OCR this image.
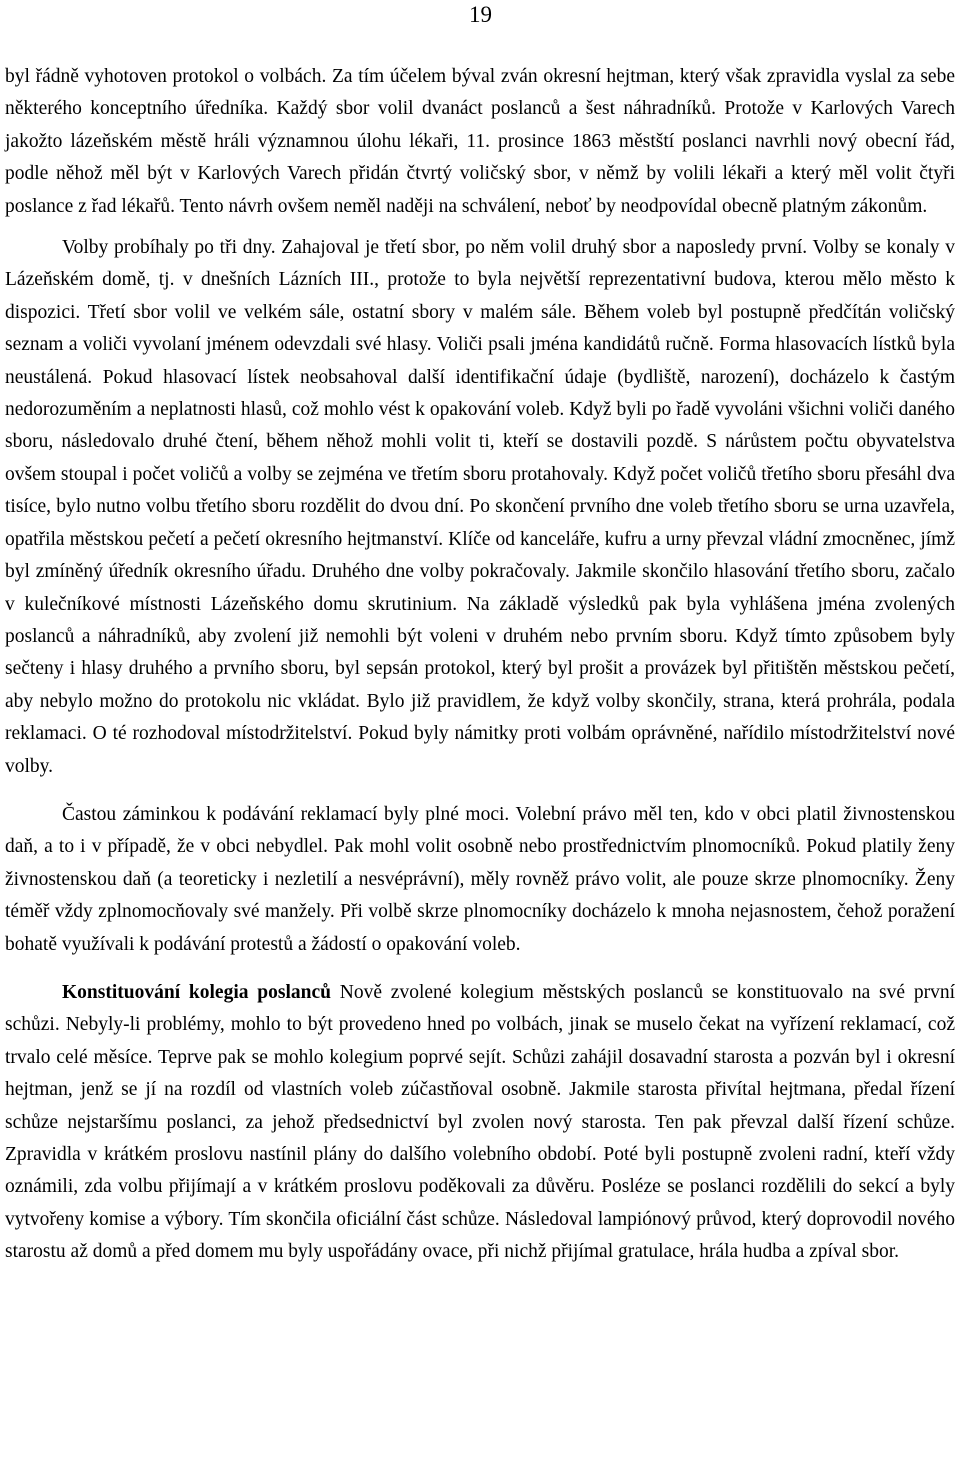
19

byl řádně vyhotoven protokol o volbách. Za tím účelem býval zván okresní hejtman, který však zpravidla vyslal za sebe některého konceptního úředníka. Každý sbor volil dvanáct poslanců a šest náhradníků. Protože v Karlových Varech jakožto lázeňském městě hráli významnou úlohu lékaři, 11. prosince 1863 městští poslanci navrhli nový obecní řád, podle něhož měl být v Karlových Varech přidán čtvrtý voličský sbor, v němž by volili lékaři a který měl volit čtyři poslance z řad lékařů. Tento návrh ovšem neměl naději na schválení, neboť by neodpovídal obecně platným zákonům.

Volby probíhaly po tři dny. Zahajoval je třetí sbor, po něm volil druhý sbor a naposledy první. Volby se konaly v Lázeňském domě, tj. v dnešních Lázních III., protože to byla největší reprezentativní budova, kterou mělo město k dispozici. Třetí sbor volil ve velkém sále, ostatní sbory v malém sále. Během voleb byl postupně předčítán voličský seznam a voliči vyvolaní jménem odevzdali své hlasy. Voliči psali jména kandidátů ručně. Forma hlasovacích lístků byla neustálená. Pokud hlasovací lístek neobsahoval další identifikační údaje (bydliště, narození), docházelo k častým nedorozuměním a neplatnosti hlasů, což mohlo vést k opakování voleb. Když byli po řadě vyvoláni všichni voliči daného sboru, následovalo druhé čtení, během něhož mohli volit ti, kteří se dostavili pozdě. S nárůstem počtu obyvatelstva ovšem stoupal i počet voličů a volby se zejména ve třetím sboru protahovaly. Když počet voličů třetího sboru přesáhl dva tisíce, bylo nutno volbu třetího sboru rozdělit do dvou dní. Po skončení prvního dne voleb třetího sboru se urna uzavřela, opatřila městskou pečetí a pečetí okresního hejtmanství. Klíče od kanceláře, kufru a urny převzal vládní zmocněnec, jímž byl zmíněný úředník okresního úřadu. Druhého dne volby pokračovaly. Jakmile skončilo hlasování třetího sboru, začalo v kulečníkové místnosti Lázeňského domu skrutinium. Na základě výsledků pak byla vyhlášena jména zvolených poslanců a náhradníků, aby zvolení již nemohli být voleni v druhém nebo prvním sboru. Když tímto způsobem byly sečteny i hlasy druhého a prvního sboru, byl sepsán protokol, který byl prošit a provázek byl přitištěn městskou pečetí, aby nebylo možno do protokolu nic vkládat. Bylo již pravidlem, že když volby skončily, strana, která prohrála, podala reklamaci. O té rozhodoval místodržitelství. Pokud byly námitky proti volbám oprávněné, nařídilo místodržitelství nové volby.

Častou záminkou k podávání reklamací byly plné moci. Volební právo měl ten, kdo v obci platil živnostenskou daň, a to i v případě, že v obci nebydlel. Pak mohl volit osobně nebo prostřednictvím plnomocníků. Pokud platily ženy živnostenskou daň (a teoreticky i nezletilí a nesvéprávní), měly rovněž právo volit, ale pouze skrze plnomocníky. Ženy téměř vždy zplnomocňovaly své manžely. Při volbě skrze plnomocníky docházelo k mnoha nejasnostem, čehož poražení bohatě využívali k podávání protestů a žádostí o opakování voleb.

Konstituování kolegia poslanců Nově zvolené kolegium městských poslanců se konstituovalo na své první schůzi. Nebyly-li problémy, mohlo to být provedeno hned po volbách, jinak se muselo čekat na vyřízení reklamací, což trvalo celé měsíce. Teprve pak se mohlo kolegium poprvé sejít. Schůzi zahájil dosavadní starosta a pozván byl i okresní hejtman, jenž se jí na rozdíl od vlastních voleb zúčastňoval osobně. Jakmile starosta přivítal hejtmana, předal řízení schůze nejstaršímu poslanci, za jehož předsednictví byl zvolen nový starosta. Ten pak převzal další řízení schůze. Zpravidla v krátkém proslovu nastínil plány do dalšího volebního období. Poté byli postupně zvoleni radní, kteří vždy oznámili, zda volbu přijímají a v krátkém proslovu poděkovali za důvěru. Posléze se poslanci rozdělili do sekcí a byly vytvořeny komise a výbory. Tím skončila oficiální část schůze. Následoval lampiónový průvod, který doprovodil nového starostu až domů a před domem mu byly uspořádány ovace, při nichž přijímal gratulace, hrála hudba a zpíval sbor.
